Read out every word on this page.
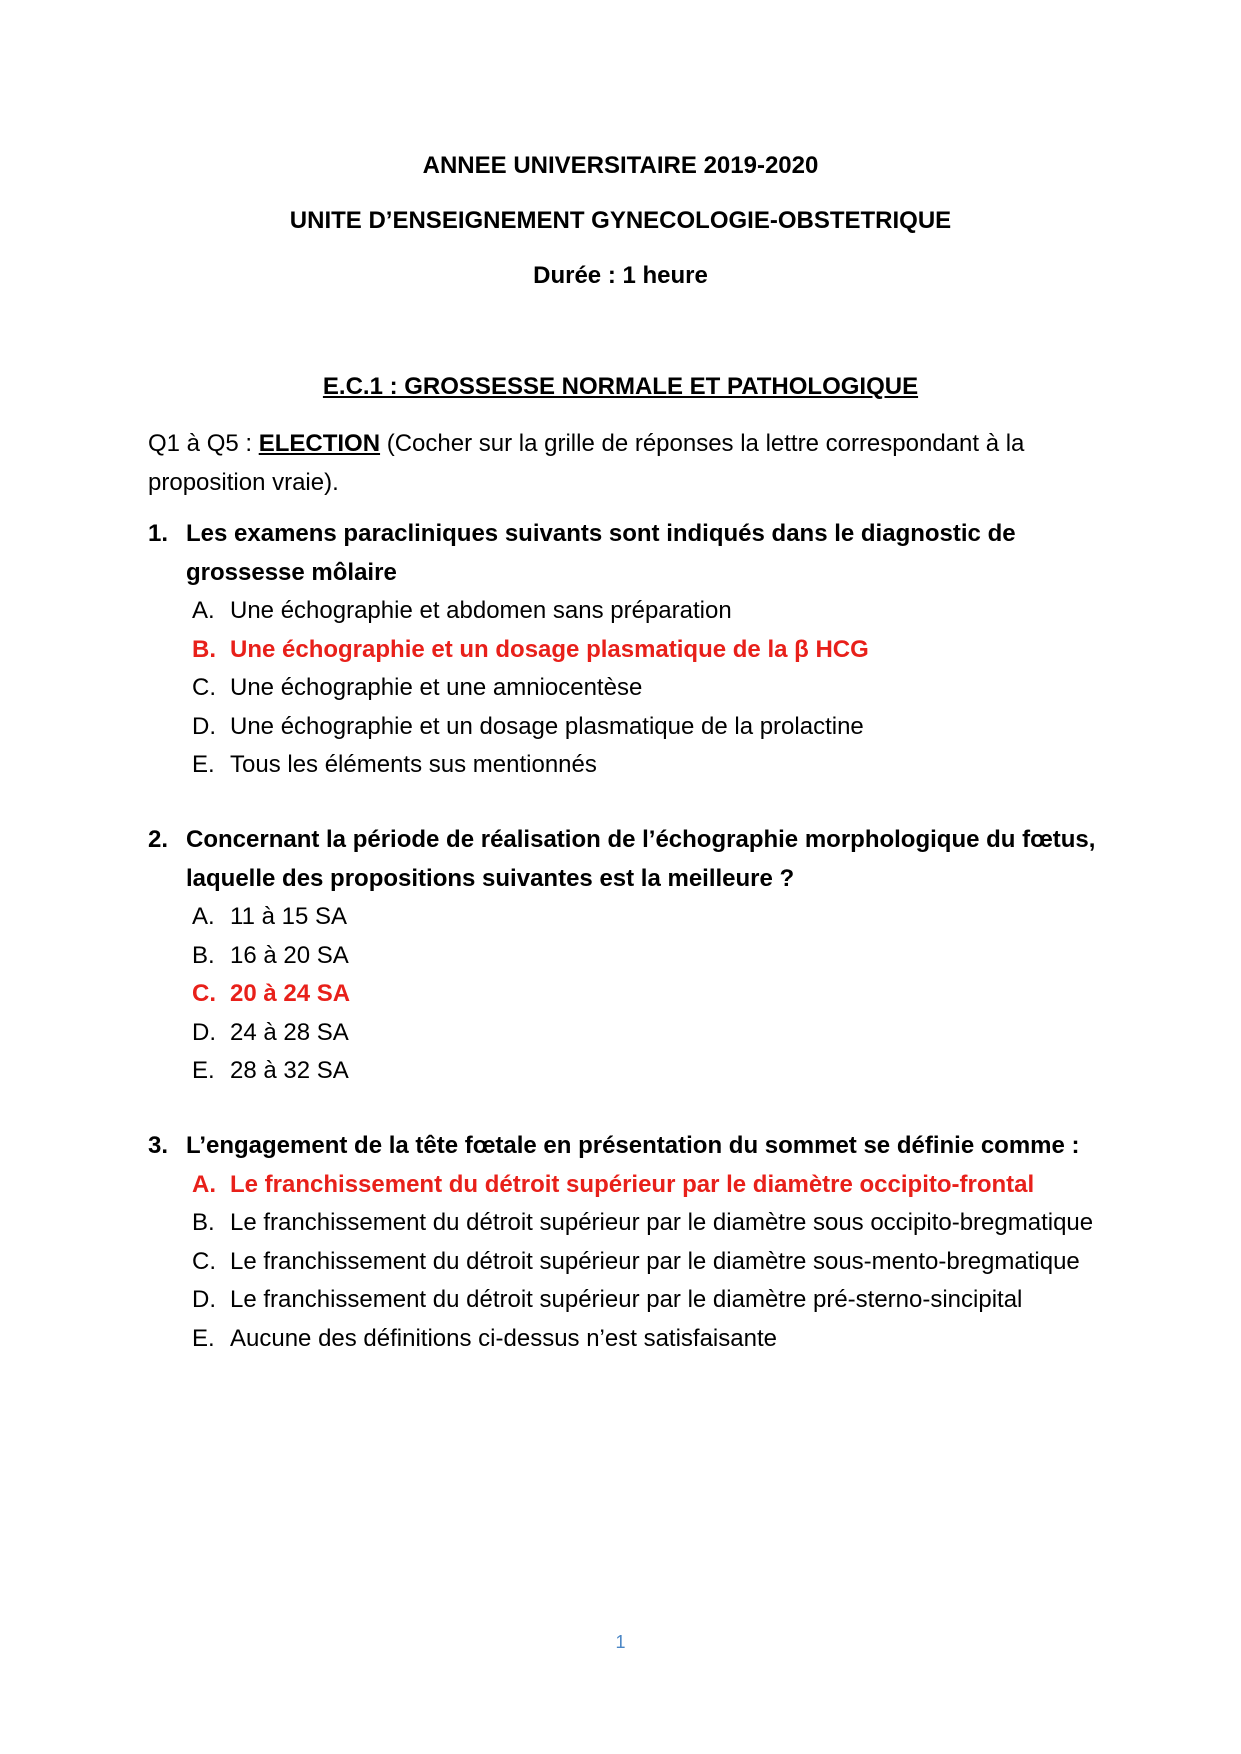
ANNEE UNIVERSITAIRE 2019-2020
UNITE D’ENSEIGNEMENT GYNECOLOGIE-OBSTETRIQUE
Durée : 1 heure
E.C.1 : GROSSESSE NORMALE ET PATHOLOGIQUE
Q1 à Q5 : ELECTION (Cocher sur la grille de réponses la lettre correspondant à la proposition vraie).
1. Les examens paracliniques suivants sont indiqués dans le diagnostic de grossesse môlaire
A. Une échographie et abdomen sans préparation
B. Une échographie et un dosage plasmatique de la β HCG
C. Une échographie et une amniocentèse
D. Une échographie et un dosage plasmatique de la prolactine
E. Tous les éléments sus mentionnés
2. Concernant la période de réalisation de l’échographie morphologique du fœtus, laquelle des propositions suivantes est la meilleure ?
A. 11 à 15 SA
B. 16 à 20 SA
C. 20 à 24 SA
D. 24 à 28 SA
E. 28 à 32 SA
3. L’engagement de la tête fœtale en présentation du sommet se définie comme :
A. Le franchissement du détroit supérieur par le diamètre occipito-frontal
B. Le franchissement du détroit supérieur par le diamètre sous occipito-bregmatique
C. Le franchissement du détroit supérieur par le diamètre sous-mento-bregmatique
D. Le franchissement du détroit supérieur par le diamètre pré-sterno-sincipital
E. Aucune des définitions ci-dessus n’est satisfaisante
1
